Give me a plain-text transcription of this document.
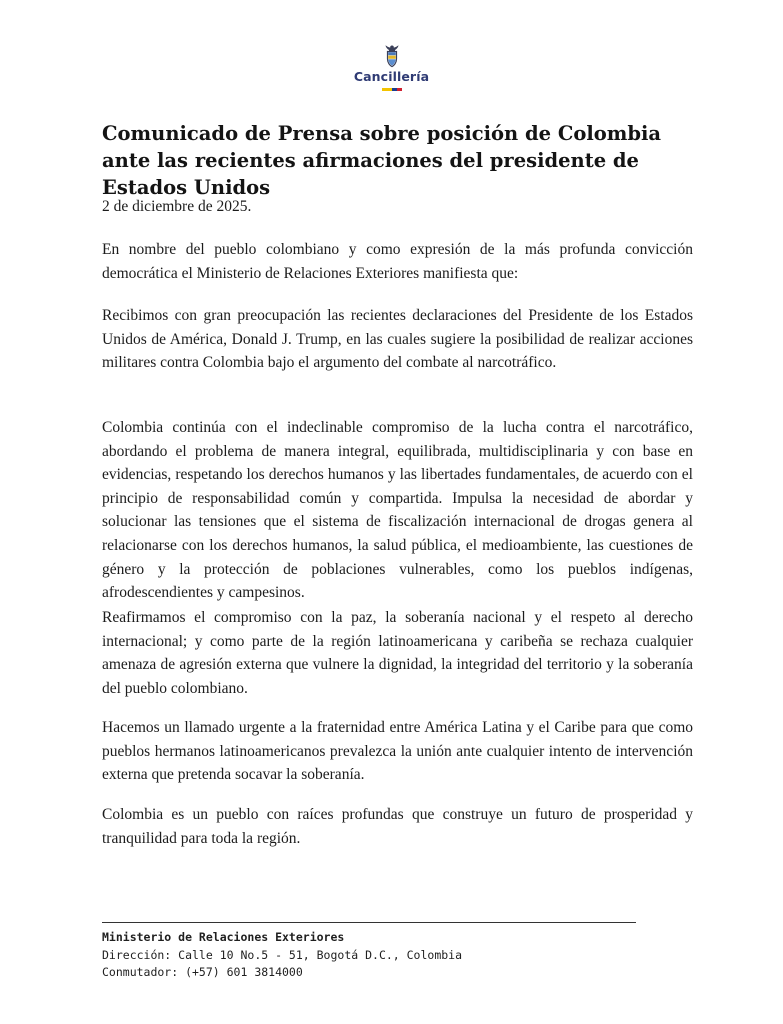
Cancillería
Comunicado de Prensa sobre posición de Colombia ante las recientes afirmaciones del presidente de Estados Unidos

2 de diciembre de 2025.

En nombre del pueblo colombiano y como expresión de la más profunda convicción democrática el Ministerio de Relaciones Exteriores manifiesta que:

Recibimos con gran preocupación las recientes declaraciones del Presidente de los Estados Unidos de América, Donald J. Trump, en las cuales sugiere la posibilidad de realizar acciones militares contra Colombia bajo el argumento del combate al narcotráfico.

Colombia continúa con el indeclinable compromiso de la lucha contra el narcotráfico, abordando el problema de manera integral, equilibrada, multidisciplinaria y con base en evidencias, respetando los derechos humanos y las libertades fundamentales, de acuerdo con el principio de responsabilidad común y compartida. Impulsa la necesidad de abordar y solucionar las tensiones que el sistema de fiscalización internacional de drogas genera al relacionarse con los derechos humanos, la salud pública, el medioambiente, las cuestiones de género y la protección de poblaciones vulnerables, como los pueblos indígenas, afrodescendientes y campesinos.

Reafirmamos el compromiso con la paz, la soberanía nacional y el respeto al derecho internacional; y como parte de la región latinoamericana y caribeña se rechaza cualquier amenaza de agresión externa que vulnere la dignidad, la integridad del territorio y la soberanía del pueblo colombiano.

Hacemos un llamado urgente a la fraternidad entre América Latina y el Caribe para que como pueblos hermanos latinoamericanos prevalezca la unión ante cualquier intento de intervención externa que pretenda socavar la soberanía.

Colombia es un pueblo con raíces profundas que construye un futuro de prosperidad y tranquilidad para toda la región.

Ministerio de Relaciones Exteriores
Dirección: Calle 10 No.5 - 51, Bogotá D.C., Colombia
Conmutador: (+57) 601 3814000
